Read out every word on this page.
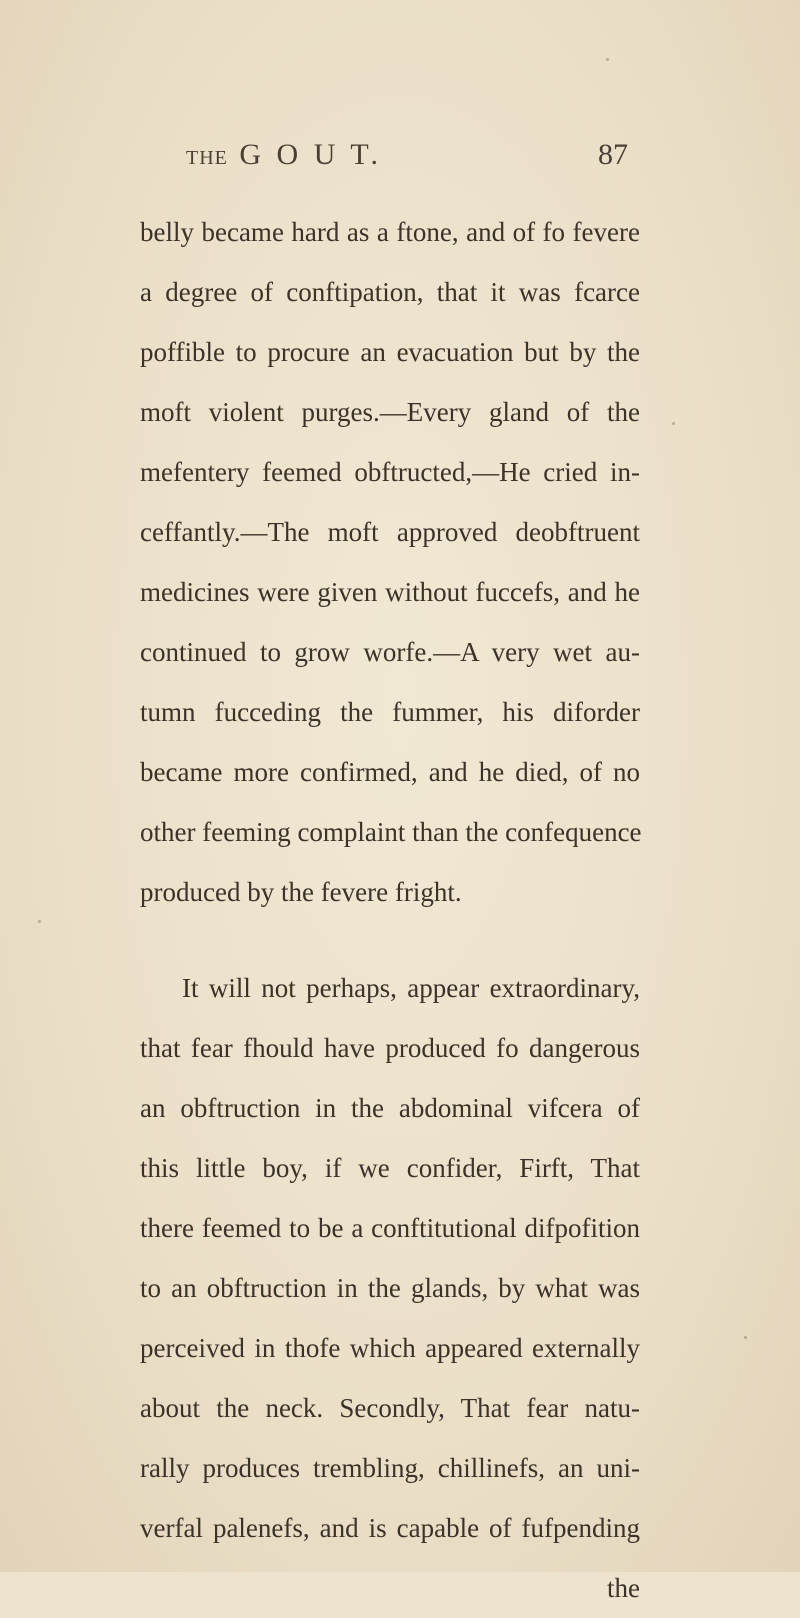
THE G O U T.	87
belly became hard as a ftone, and of fo fevere
a degree of conftipation, that it was fcarce
poffible to procure an evacuation but by the
moft violent purges.—Every gland of the
mefentery feemed obftructed,—He cried in-
ceffantly.—The moft approved deobftruent
medicines were given without fuccefs, and he
continued to grow worfe.—A very wet au-
tumn fucceding the fummer, his diforder
became more confirmed, and he died, of no
other feeming complaint than the confequence
produced by the fevere fright.
It will not perhaps, appear extraordinary,
that fear fhould have produced fo dangerous
an obftruction in the abdominal vifcera of
this little boy, if we confider, Firft, That
there feemed to be a conftitutional difpofition
to an obftruction in the glands, by what was
perceived in thofe which appeared externally
about the neck. Secondly, That fear natu-
rally produces trembling, chillinefs, an uni-
verfal palenefs, and is capable of fufpending
the
